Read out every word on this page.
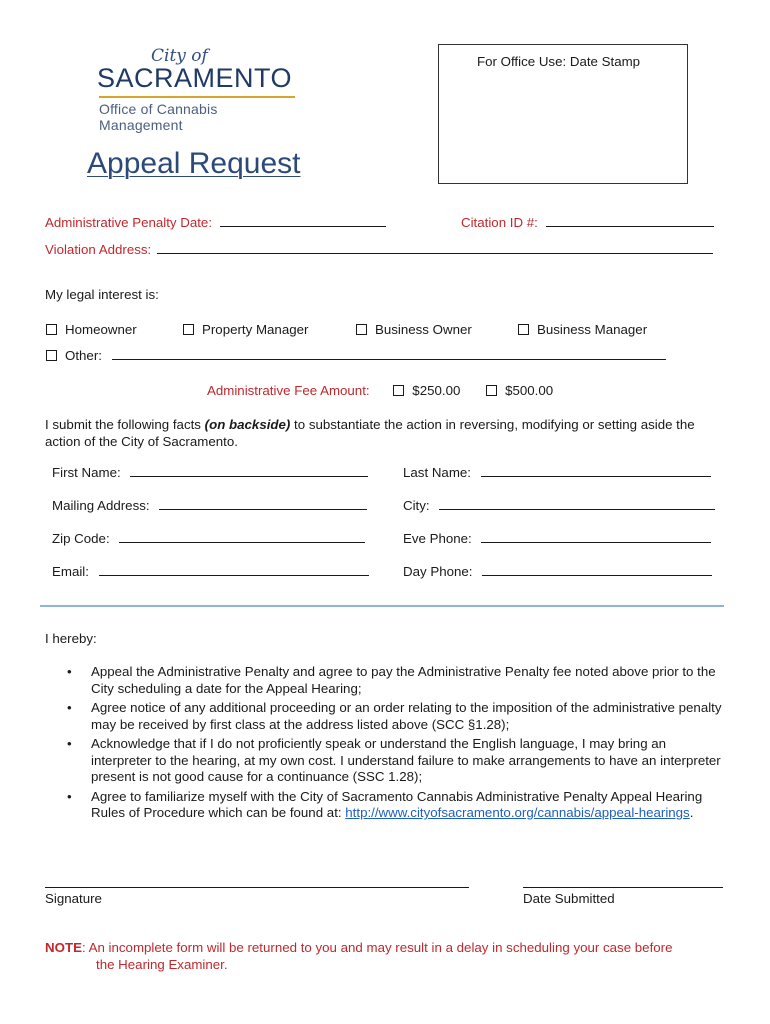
City of
SACRAMENTO
Office of Cannabis Management
For Office Use: Date Stamp
Appeal Request
Administrative Penalty Date:	Citation ID #:
Violation Address:
My legal interest is:
Homeowner	Property Manager	Business Owner	Business Manager
Other:
Administrative Fee Amount:	$250.00	$500.00
I submit the following facts (on backside) to substantiate the action in reversing, modifying or setting aside the
action of the City of Sacramento.
First Name:	Last Name:
Mailing Address:	City:
Zip Code:	Eve Phone:
Email:	Day Phone:
I hereby:
• Appeal the Administrative Penalty and agree to pay the Administrative Penalty fee noted above prior to the City scheduling a date for the Appeal Hearing;
• Agree notice of any additional proceeding or an order relating to the imposition of the administrative penalty may be received by first class at the address listed above (SCC §1.28);
• Acknowledge that if I do not proficiently speak or understand the English language, I may bring an interpreter to the hearing, at my own cost. I understand failure to make arrangements to have an interpreter present is not good cause for a continuance (SSC 1.28);
• Agree to familiarize myself with the City of Sacramento Cannabis Administrative Penalty Appeal Hearing Rules of Procedure which can be found at: http://www.cityofsacramento.org/cannabis/appeal-hearings.
Signature	Date Submitted
NOTE: An incomplete form will be returned to you and may result in a delay in scheduling your case before
the Hearing Examiner.
